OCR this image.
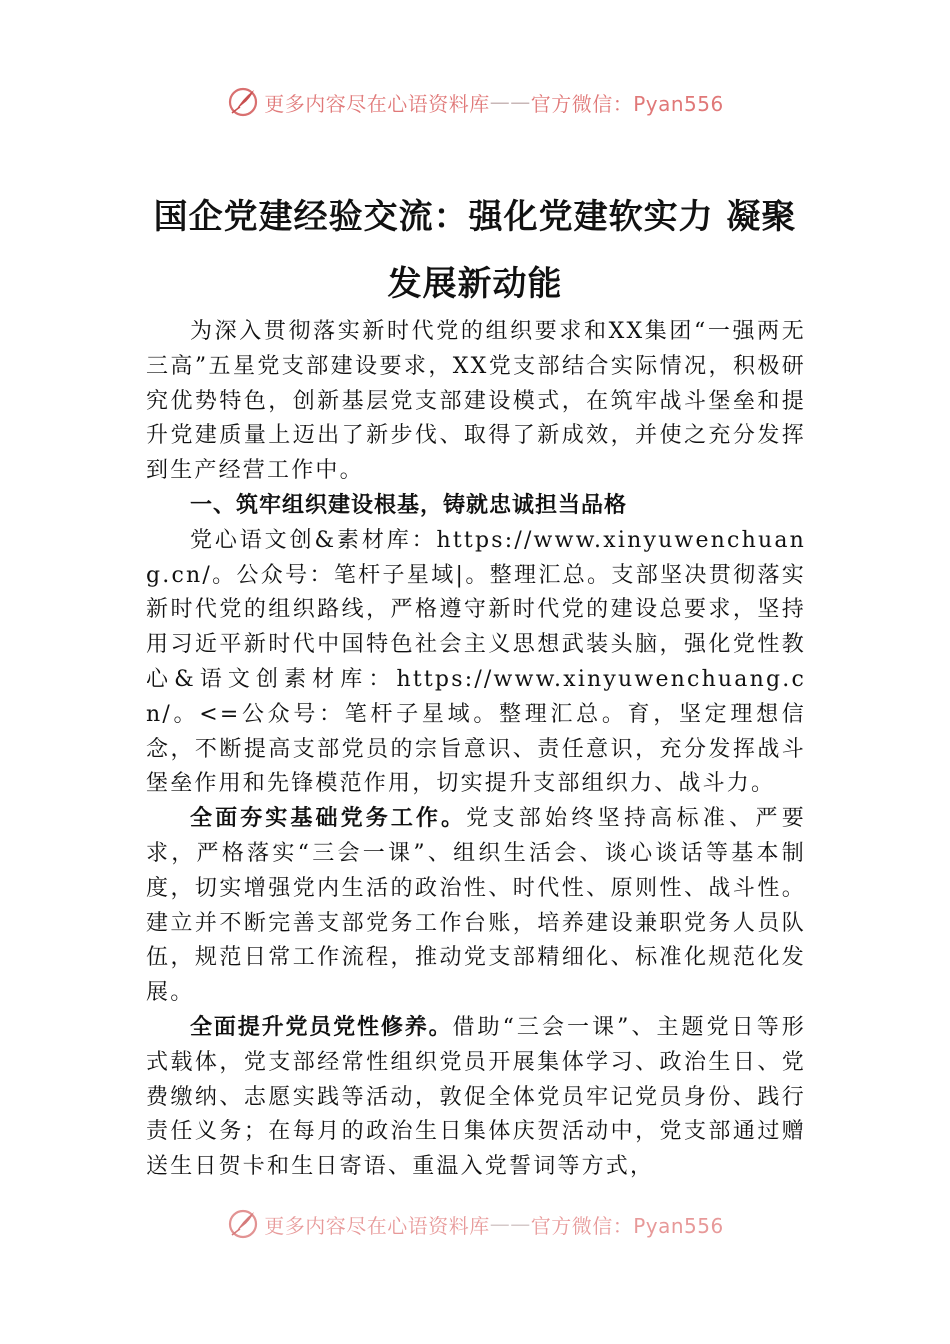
更多内容尽在心语资料库 —— 官方微信：Pyan556
国企党建经验交流：强化党建软实力 凝聚
发展新动能

为深入贯彻落实新时代党的组织要求和XX集团“一强两无三高”五星党支部建设要求，XX党支部结合实际情况，积极研究优势特色，创新基层党支部建设模式，在筑牢战斗堡垒和提升党建质量上迈出了新步伐、取得了新成效，并使之充分发挥到生产经营工作中。

一、筑牢组织建设根基，铸就忠诚担当品格

党心语文创&素材库：https://www.xinyuwenchuang.cn/。公众号：笔杆子星域|。整理汇总。支部坚决贯彻落实新时代党的组织路线，严格遵守新时代党的建设总要求，坚持用习近平新时代中国特色社会主义思想武装头脑，强化党性教心&语文创素材库：https://www.xinyuwenchuang.cn/。<=公众号：笔杆子星域。整理汇总。育，坚定理想信念，不断提高支部党员的宗旨意识、责任意识，充分发挥战斗堡垒作用和先锋模范作用，切实提升支部组织力、战斗力。

全面夯实基础党务工作。党支部始终坚持高标准、严要求，严格落实“三会一课”、组织生活会、谈心谈话等基本制度，切实增强党内生活的政治性、时代性、原则性、战斗性。建立并不断完善支部党务工作台账，培养建设兼职党务人员队伍，规范日常工作流程，推动党支部精细化、标准化规范化发展。

全面提升党员党性修养。借助“三会一课”、主题党日等形式载体，党支部经常性组织党员开展集体学习、政治生日、党费缴纳、志愿实践等活动，敦促全体党员牢记党员身份、践行责任义务；在每月的政治生日集体庆贺活动中，党支部通过赠送生日贺卡和生日寄语、重温入党誓词等方式，

更多内容尽在心语资料库 —— 官方微信：Pyan556
